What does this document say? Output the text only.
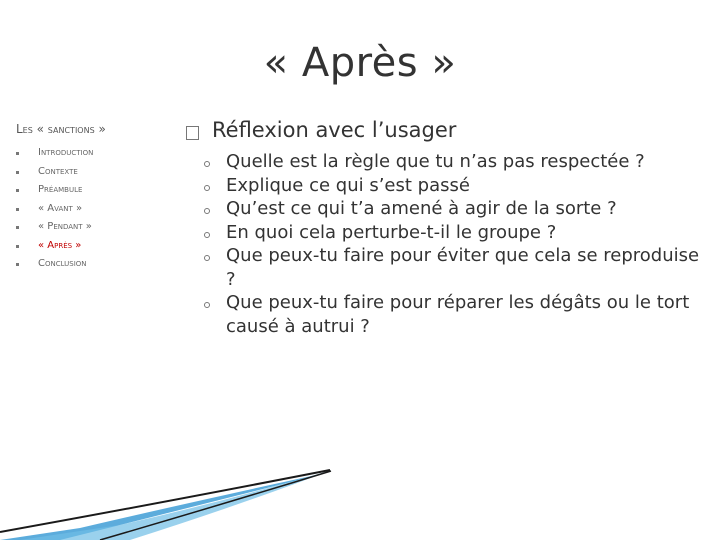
« Après »
Les « sanctions »
Introduction
Contexte
Préambule
« Avant »
« Pendant »
« Après »
Conclusion
Réflexion avec l’usager
Quelle est la règle que tu n’as pas respectée ?
Explique ce qui s’est passé
Qu’est ce qui t’a amené à agir de la sorte ?
En quoi cela perturbe-t-il le groupe ?
Que peux-tu faire pour éviter que cela se reproduise ?
Que peux-tu faire pour réparer les dégâts ou le tort causé à autrui ?
